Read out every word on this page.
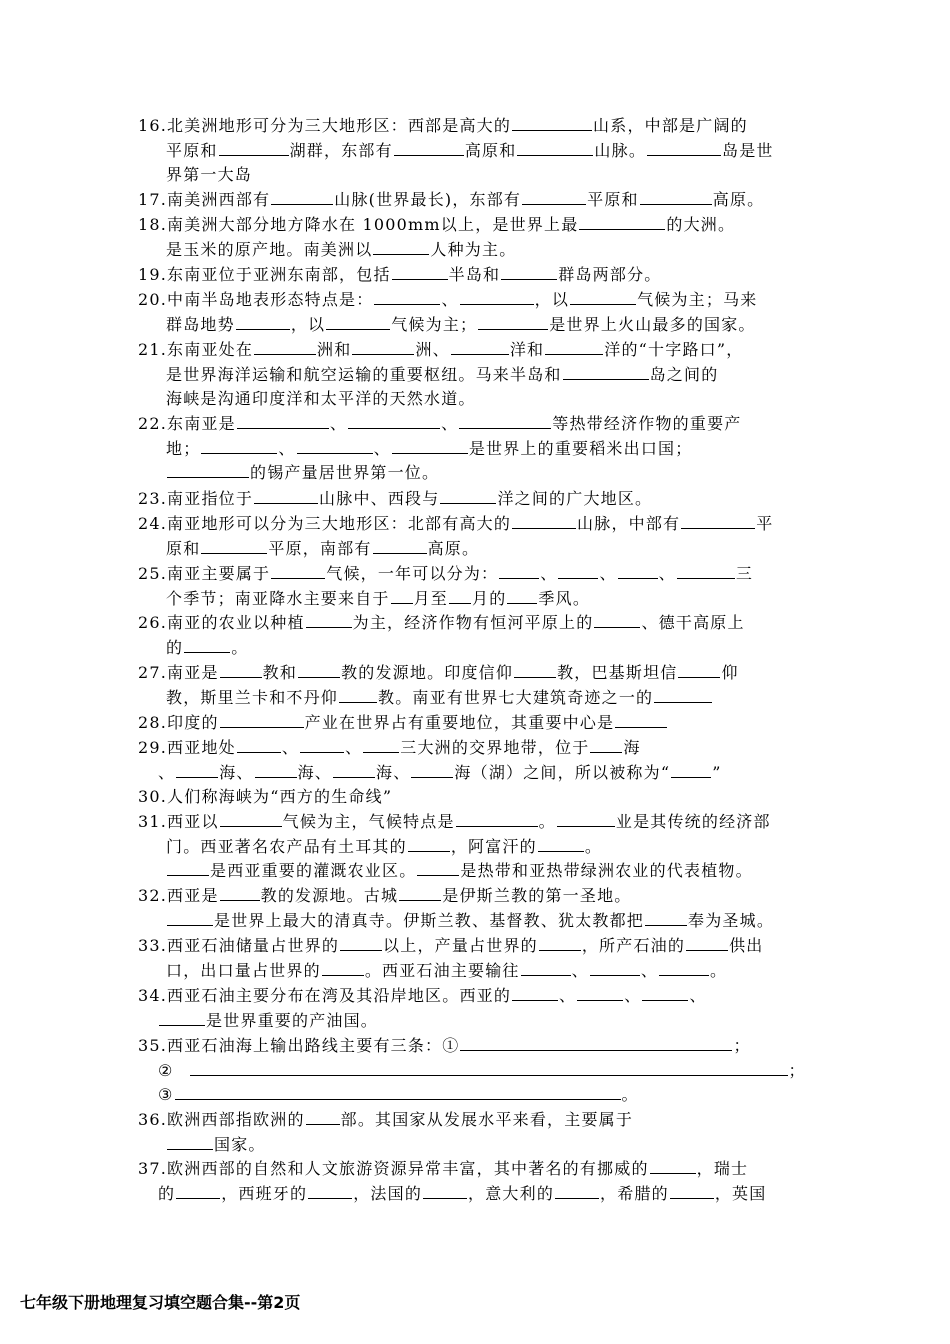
16.北美洲地形可分为三大地形区：西部是高大的	山系，中部是广阔的
平原和	湖群，东部有	高原和	山脉。	岛是世
界第一大岛
17.南美洲西部有	山脉(世界最长)，东部有	平原和	高原。
18.南美洲大部分地方降水在 1000mm以上，是世界上最	的大洲。
是玉米的原产地。南美洲以	人种为主。
19.东南亚位于亚洲东南部，包括	半岛和	群岛两部分。
20.中南半岛地表形态特点是：	、	，以	气候为主；马来
群岛地势	，以	气候为主；	是世界上火山最多的国家。
21.东南亚处在	洲和	洲、	洋和	洋的“十字路口”，
是世界海洋运输和航空运输的重要枢纽。马来半岛和	岛之间的
海峡是沟通印度洋和太平洋的天然水道。
22.东南亚是	、	、	等热带经济作物的重要产
地；	、	、	是世界上的重要稻米出口国；
的锡产量居世界第一位。
23.南亚指位于	山脉中、西段与	洋之间的广大地区。
24.南亚地形可以分为三大地形区：北部有高大的	山脉，中部有	平
原和	平原，南部有	高原。
25.南亚主要属于	气候，一年可以分为：	、	、	、	三
个季节；南亚降水主要来自于 月至 月的 季风。
26.南亚的农业以种植	为主，经济作物有恒河平原上的	、德干高原上
的	。
27.南亚是	教和	教的发源地。印度信仰	教，巴基斯坦信	仰
教，斯里兰卡和不丹仰	教。南亚有世界七大建筑奇迹之一的
28.印度的	产业在世界占有重要地位，其重要中心是
29.西亚地处	、	、 三大洲的交界地带，位于 海
、	海、	海、	海、	海（湖）之间，所以被称为“	”
30.人们称海峡为“西方的生命线”
31.西亚以	气候为主，气候特点是	。	业是其传统的经济部
门。西亚著名农产品有土耳其的	，阿富汗的	。
是西亚重要的灌溉农业区。	是热带和亚热带绿洲农业的代表植物。
32.西亚是	教的发源地。古城	是伊斯兰教的第一圣地。
是世界上最大的清真寺。伊斯兰教、基督教、犹太教都把	奉为圣城。
33.西亚石油储量占世界的	以上，产量占世界的	，所产石油的	供出
口，出口量占世界的	。西亚石油主要输往	、	、	。
34.西亚石油主要分布在湾及其沿岸地区。西亚的	、	、	、
是世界重要的产油国。
35.西亚石油海上输出路线主要有三条：①	；
②	；
③	。
36.欧洲西部指欧洲的 部。其国家从发展水平来看，主要属于
国家。
37.欧洲西部的自然和人文旅游资源异常丰富，其中著名的有挪威的	，瑞士
的	，西班牙的	，法国的	，意大利的	，希腊的	，英国
七年级下册地理复习填空题合集--第2页
